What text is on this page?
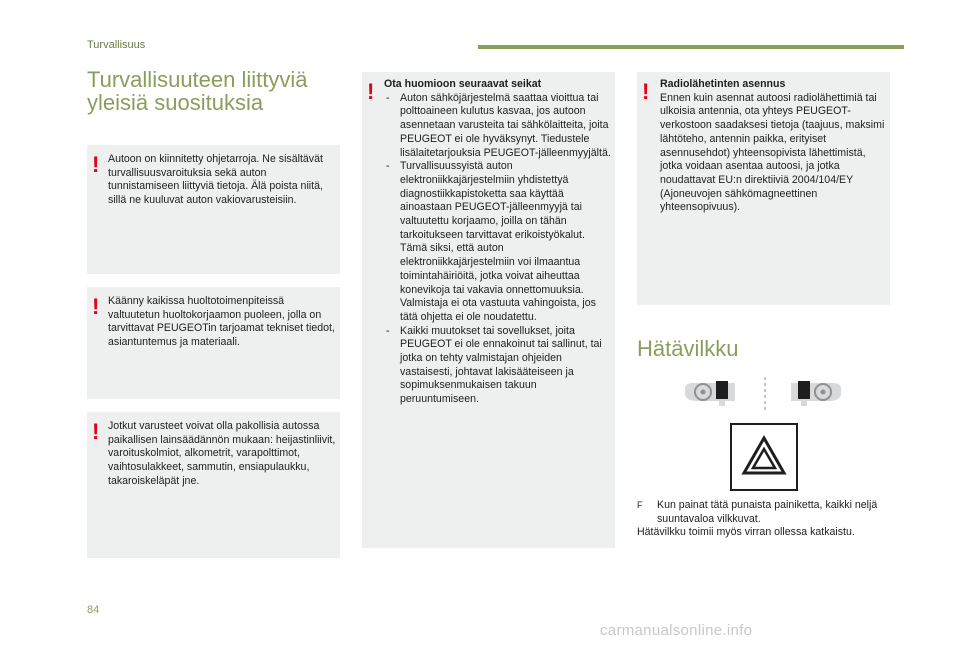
Turvallisuus
Turvallisuuteen liittyviä yleisiä suosituksia
! Autoon on kiinnitetty ohjetarroja. Ne sisältävät turvallisuusvaroituksia sekä auton tunnistamiseen liittyviä tietoja. Älä poista niitä, sillä ne kuuluvat auton vakiovarusteisiin.
! Käänny kaikissa huoltotoimenpiteissä valtuutetun huoltokorjaamon puoleen, jolla on tarvittavat PEUGEOTin tarjoamat tekniset tiedot, asiantuntemus ja materiaali.
! Jotkut varusteet voivat olla pakollisia autossa paikallisen lainsäädännön mukaan: heijastinliivit, varoituskolmiot, alkometrit, varapolttimot, vaihtosulakkeet, sammutin, ensiapulaukku, takaroiskeläpät jne.
! Ota huomioon seuraavat seikat
- Auton sähköjärjestelmä saattaa vioittua tai polttoaineen kulutus kasvaa, jos autoon asennetaan varusteita tai sähkölaitteita, joita PEUGEOT ei ole hyväksynyt. Tiedustele lisälaitetarjouksia PEUGEOT-jälleenmyyjältä.
- Turvallisuussyistä auton elektroniikkajärjestelmiin yhdistettyä diagnostiikkapistoketta saa käyttää ainoastaan PEUGEOT-jälleenmyyjä tai valtuutettu korjaamo, joilla on tähän tarkoitukseen tarvittavat erikoistyökalut. Tämä siksi, että auton elektroniikkajärjestelmiin voi ilmaantua toimintahäiriöitä, jotka voivat aiheuttaa konevikoja tai vakavia onnettomuuksia. Valmistaja ei ota vastuuta vahingoista, jos tätä ohjetta ei ole noudatettu.
- Kaikki muutokset tai sovellukset, joita PEUGEOT ei ole ennakoinut tai sallinut, tai jotka on tehty valmistajan ohjeiden vastaisesti, johtavat lakisääteiseen ja sopimuksenmukaisen takuun peruuntumiseen.
! Radiolähetinten asennus
Ennen kuin asennat autoosi radiolähettimiä tai ulkoisia antennia, ota yhteys PEUGEOT-verkostoon saadaksesi tietoja (taajuus, maksimi lähtöteho, antennin paikka, erityiset asennusehdot) yhteensopivista lähettimistä, jotka voidaan asentaa autoosi, ja jotka noudattavat EU:n direktiiviä 2004/104/EY (Ajoneuvojen sähkömagneettinen yhteensopivuus).
Hätävilkku
F Kun painat tätä punaista painiketta, kaikki neljä suuntavaloa vilkkuvat.
Hätävilkku toimii myös virran ollessa katkaistu.
84
carmanualsonline.info
